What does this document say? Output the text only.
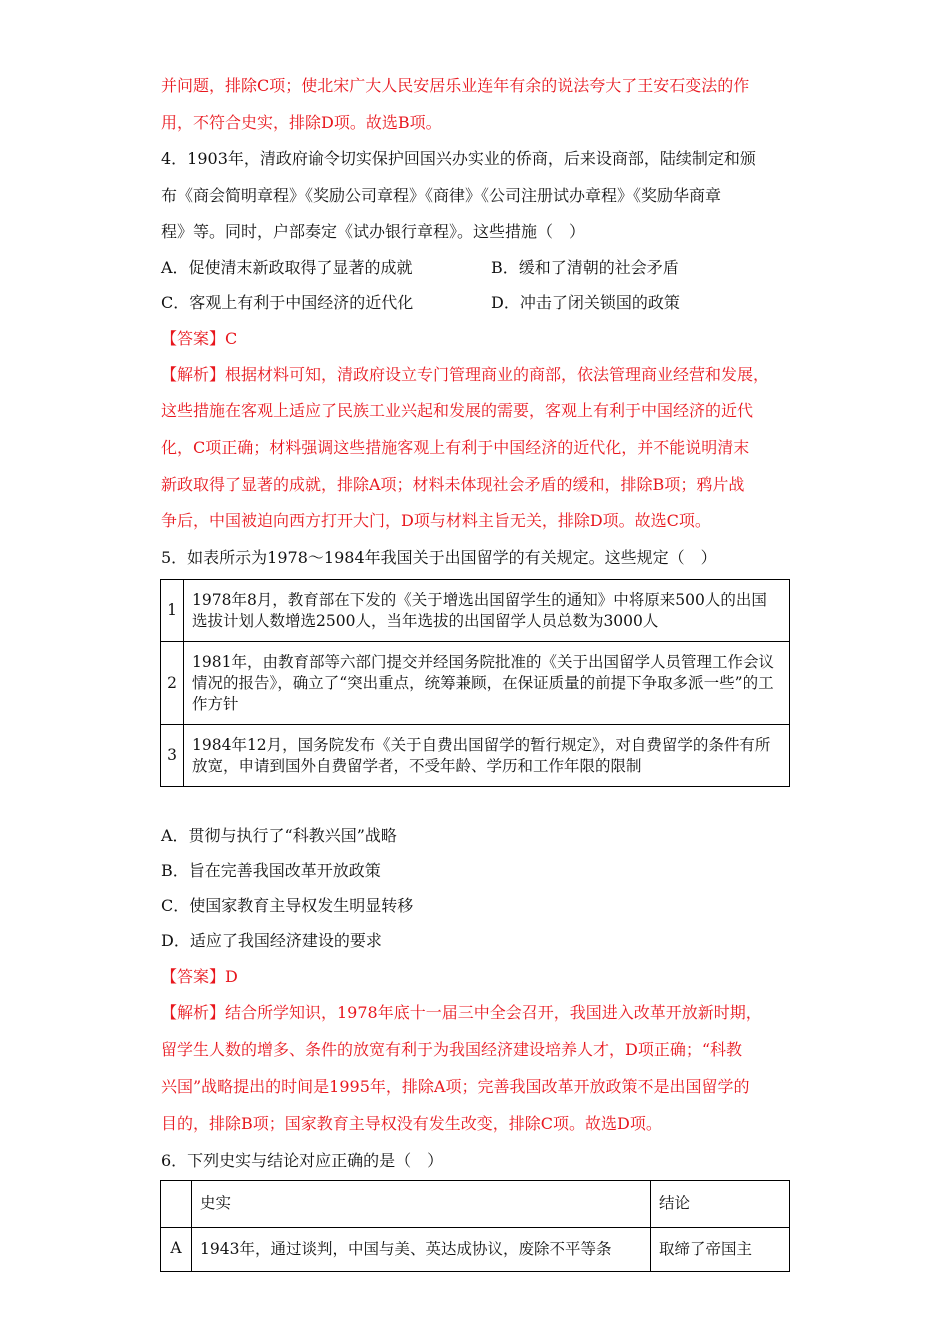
并问题，排除C项；使北宋广大人民安居乐业连年有余的说法夸大了王安石变法的作
用，不符合史实，排除D项。故选B项。
4．1903年，清政府谕令切实保护回国兴办实业的侨商，后来设商部，陆续制定和颁
布《商会简明章程》《奖励公司章程》《商律》《公司注册试办章程》《奖励华商章
程》等。同时，户部奏定《试办银行章程》。这些措施（　）
A．促使清末新政取得了显著的成就	B．缓和了清朝的社会矛盾
C．客观上有利于中国经济的近代化	D．冲击了闭关锁国的政策
【答案】C
【解析】根据材料可知，清政府设立专门管理商业的商部，依法管理商业经营和发展，
这些措施在客观上适应了民族工业兴起和发展的需要，客观上有利于中国经济的近代
化，C项正确；材料强调这些措施客观上有利于中国经济的近代化，并不能说明清末
新政取得了显著的成就，排除A项；材料未体现社会矛盾的缓和，排除B项；鸦片战
争后，中国被迫向西方打开大门，D项与材料主旨无关，排除D项。故选C项。
5．如表所示为1978～1984年我国关于出国留学的有关规定。这些规定（　）
1	1978年8月，教育部在下发的《关于增选出国留学生的通知》中将原来500人的出国选拔计划人数增选2500人，当年选拔的出国留学人员总数为3000人
2	1981年，由教育部等六部门提交并经国务院批准的《关于出国留学人员管理工作会议情况的报告》，确立了“突出重点，统筹兼顾，在保证质量的前提下争取多派一些”的工作方针
3	1984年12月，国务院发布《关于自费出国留学的暂行规定》，对自费留学的条件有所放宽，申请到国外自费留学者，不受年龄、学历和工作年限的限制
A．贯彻与执行了“科教兴国”战略
B．旨在完善我国改革开放政策
C．使国家教育主导权发生明显转移
D．适应了我国经济建设的要求
【答案】D
【解析】结合所学知识，1978年底十一届三中全会召开，我国进入改革开放新时期，
留学生人数的增多、条件的放宽有利于为我国经济建设培养人才，D项正确；“科教
兴国”战略提出的时间是1995年，排除A项；完善我国改革开放政策不是出国留学的
目的，排除B项；国家教育主导权没有发生改变，排除C项。故选D项。
6．下列史实与结论对应正确的是（　）
	史实	结论
A	1943年，通过谈判，中国与美、英达成协议，废除不平等条	取缔了帝国主
